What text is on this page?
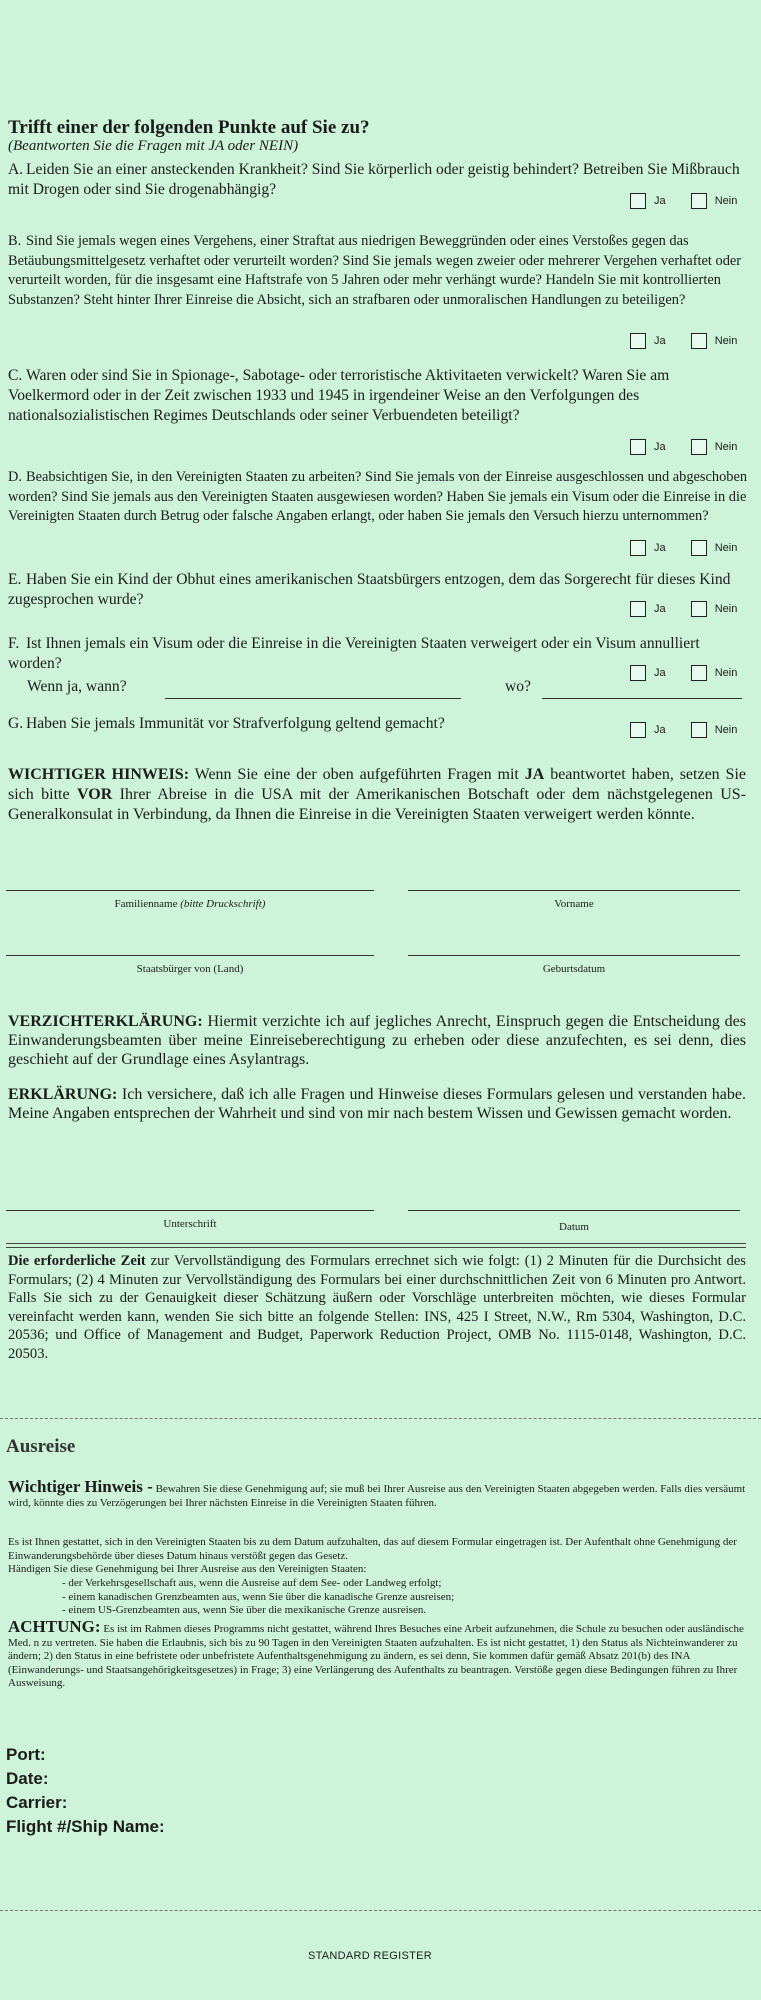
Trifft einer der folgenden Punkte auf Sie zu?
(Beantworten Sie die Fragen mit JA oder NEIN)
A. Leiden Sie an einer ansteckenden Krankheit? Sind Sie körperlich oder geistig behindert? Betreiben Sie Mißbrauch mit Drogen oder sind Sie drogenabhängig?
Ja	Nein
B. Sind Sie jemals wegen eines Vergehens, einer Straftat aus niedrigen Beweggründen oder eines Verstoßes gegen das Betäubungsmittelgesetz verhaftet oder verurteilt worden? Sind Sie jemals wegen zweier oder mehrerer Vergehen verhaftet oder verurteilt worden, für die insgesamt eine Haftstrafe von 5 Jahren oder mehr verhängt wurde? Handeln Sie mit kontrollierten Substanzen? Steht hinter Ihrer Einreise die Absicht, sich an strafbaren oder unmoralischen Handlungen zu beteiligen?
Ja	Nein
C. Waren oder sind Sie in Spionage-, Sabotage- oder terroristische Aktivitaeten verwickelt? Waren Sie am Voelkermord oder in der Zeit zwischen 1933 und 1945 in irgendeiner Weise an den Verfolgungen des nationalsozialistischen Regimes Deutschlands oder seiner Verbuendeten beteiligt?
Ja	Nein
D. Beabsichtigen Sie, in den Vereinigten Staaten zu arbeiten? Sind Sie jemals von der Einreise ausgeschlossen und abgeschoben worden? Sind Sie jemals aus den Vereinigten Staaten ausgewiesen worden? Haben Sie jemals ein Visum oder die Einreise in die Vereinigten Staaten durch Betrug oder falsche Angaben erlangt, oder haben Sie jemals den Versuch hierzu unternommen?
Ja	Nein
E. Haben Sie ein Kind der Obhut eines amerikanischen Staatsbürgers entzogen, dem das Sorgerecht für dieses Kind zugesprochen wurde?
Ja	Nein
F. Ist Ihnen jemals ein Visum oder die Einreise in die Vereinigten Staaten verweigert oder ein Visum annulliert worden?
Ja	Nein
Wenn ja, wann?	wo?
G. Haben Sie jemals Immunität vor Strafverfolgung geltend gemacht?	Ja	Nein
WICHTIGER HINWEIS: Wenn Sie eine der oben aufgeführten Fragen mit JA beantwortet haben, setzen Sie sich bitte VOR Ihrer Abreise in die USA mit der Amerikanischen Botschaft oder dem nächstgelegenen US-Generalkonsulat in Verbindung, da Ihnen die Einreise in die Vereinigten Staaten verweigert werden könnte.
Familienname (bitte Druckschrift)	Vorname
Staatsbürger von (Land)	Geburtsdatum
VERZICHTERKLÄRUNG: Hiermit verzichte ich auf jegliches Anrecht, Einspruch gegen die Entscheidung des Einwanderungsbeamten über meine Einreiseberechtigung zu erheben oder diese anzufechten, es sei denn, dies geschieht auf der Grundlage eines Asylantrags.
ERKLÄRUNG: Ich versichere, daß ich alle Fragen und Hinweise dieses Formulars gelesen und verstanden habe. Meine Angaben entsprechen der Wahrheit und sind von mir nach bestem Wissen und Gewissen gemacht worden.
Unterschrift	Datum
Die erforderliche Zeit zur Vervollständigung des Formulars errechnet sich wie folgt: (1) 2 Minuten für die Durchsicht des Formulars; (2) 4 Minuten zur Vervollständigung des Formulars bei einer durchschnittlichen Zeit von 6 Minuten pro Antwort. Falls Sie sich zu der Genauigkeit dieser Schätzung äußern oder Vorschläge unterbreiten möchten, wie dieses Formular vereinfacht werden kann, wenden Sie sich bitte an folgende Stellen: INS, 425 I Street, N.W., Rm 5304, Washington, D.C. 20536; und Office of Management and Budget, Paperwork Reduction Project, OMB No. 1115-0148, Washington, D.C. 20503.
Ausreise
Wichtiger Hinweis - Bewahren Sie diese Genehmigung auf; sie muß bei Ihrer Ausreise aus den Vereinigten Staaten abgegeben werden. Falls dies versäumt wird, könnte dies zu Verzögerungen bei Ihrer nächsten Einreise in die Vereinigten Staaten führen.
Es ist Ihnen gestattet, sich in den Vereinigten Staaten bis zu dem Datum aufzuhalten, das auf diesem Formular eingetragen ist. Der Aufenthalt ohne Genehmigung der Einwanderungsbehörde über dieses Datum hinaus verstößt gegen das Gesetz.
Händigen Sie diese Genehmigung bei Ihrer Ausreise aus den Vereinigten Staaten:
- der Verkehrsgesellschaft aus, wenn die Ausreise auf dem See- oder Landweg erfolgt;
- einem kanadischen Grenzbeamten aus, wenn Sie über die kanadische Grenze ausreisen;
- einem US-Grenzbeamten aus, wenn Sie über die mexikanische Grenze ausreisen.
ACHTUNG: Es ist im Rahmen dieses Programms nicht gestattet, während Ihres Besuches eine Arbeit aufzunehmen, die Schule zu besuchen oder ausländische Med. n zu vertreten. Sie haben die Erlaubnis, sich bis zu 90 Tagen in den Vereinigten Staaten aufzuhalten. Es ist nicht gestattet, 1) den Status als Nichteinwanderer zu ändern; 2) den Status in eine befristete oder unbefristete Aufenthaltsgenehmigung zu ändern, es sei denn, Sie kommen dafür gemäß Absatz 201(b) des INA (Einwanderungs- und Staatsangehörigkeitsgesetzes) in Frage; 3) eine Verlängerung des Aufenthalts zu beantragen. Verstöße gegen diese Bedingungen führen zu Ihrer Ausweisung.
Port:
Date:
Carrier:
Flight #/Ship Name:
STANDARD REGISTER
